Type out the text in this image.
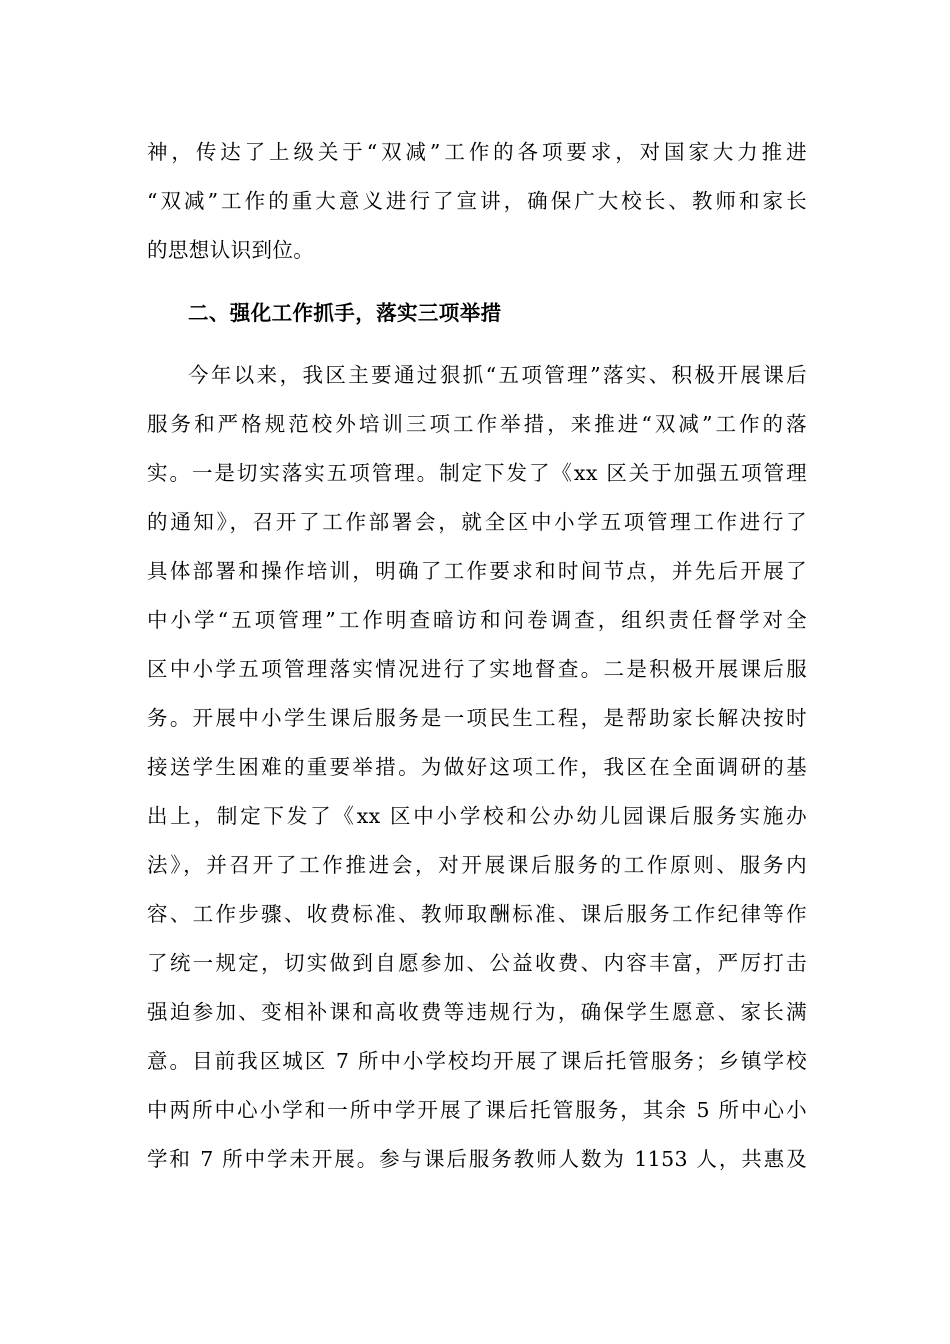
神，传达了上级关于“双减”工作的各项要求，对国家大力推进
“双减”工作的重大意义进行了宣讲，确保广大校长、教师和家长
的思想认识到位。
二、强化工作抓手，落实三项举措
今年以来，我区主要通过狠抓“五项管理”落实、积极开展课后
服务和严格规范校外培训三项工作举措，来推进“双减”工作的落
实。一是切实落实五项管理。制定下发了《xx 区关于加强五项管理
的通知》，召开了工作部署会，就全区中小学五项管理工作进行了
具体部署和操作培训，明确了工作要求和时间节点，并先后开展了
中小学“五项管理”工作明查暗访和问卷调查，组织责任督学对全
区中小学五项管理落实情况进行了实地督查。二是积极开展课后服
务。开展中小学生课后服务是一项民生工程，是帮助家长解决按时
接送学生困难的重要举措。为做好这项工作，我区在全面调研的基
出上，制定下发了《xx 区中小学校和公办幼儿园课后服务实施办
法》，并召开了工作推进会，对开展课后服务的工作原则、服务内
容、工作步骤、收费标准、教师取酬标准、课后服务工作纪律等作
了统一规定，切实做到自愿参加、公益收费、内容丰富，严厉打击
强迫参加、变相补课和高收费等违规行为，确保学生愿意、家长满
意。目前我区城区 7 所中小学校均开展了课后托管服务；乡镇学校
中两所中心小学和一所中学开展了课后托管服务，其余 5 所中心小
学和 7 所中学未开展。参与课后服务教师人数为 1153 人，共惠及
